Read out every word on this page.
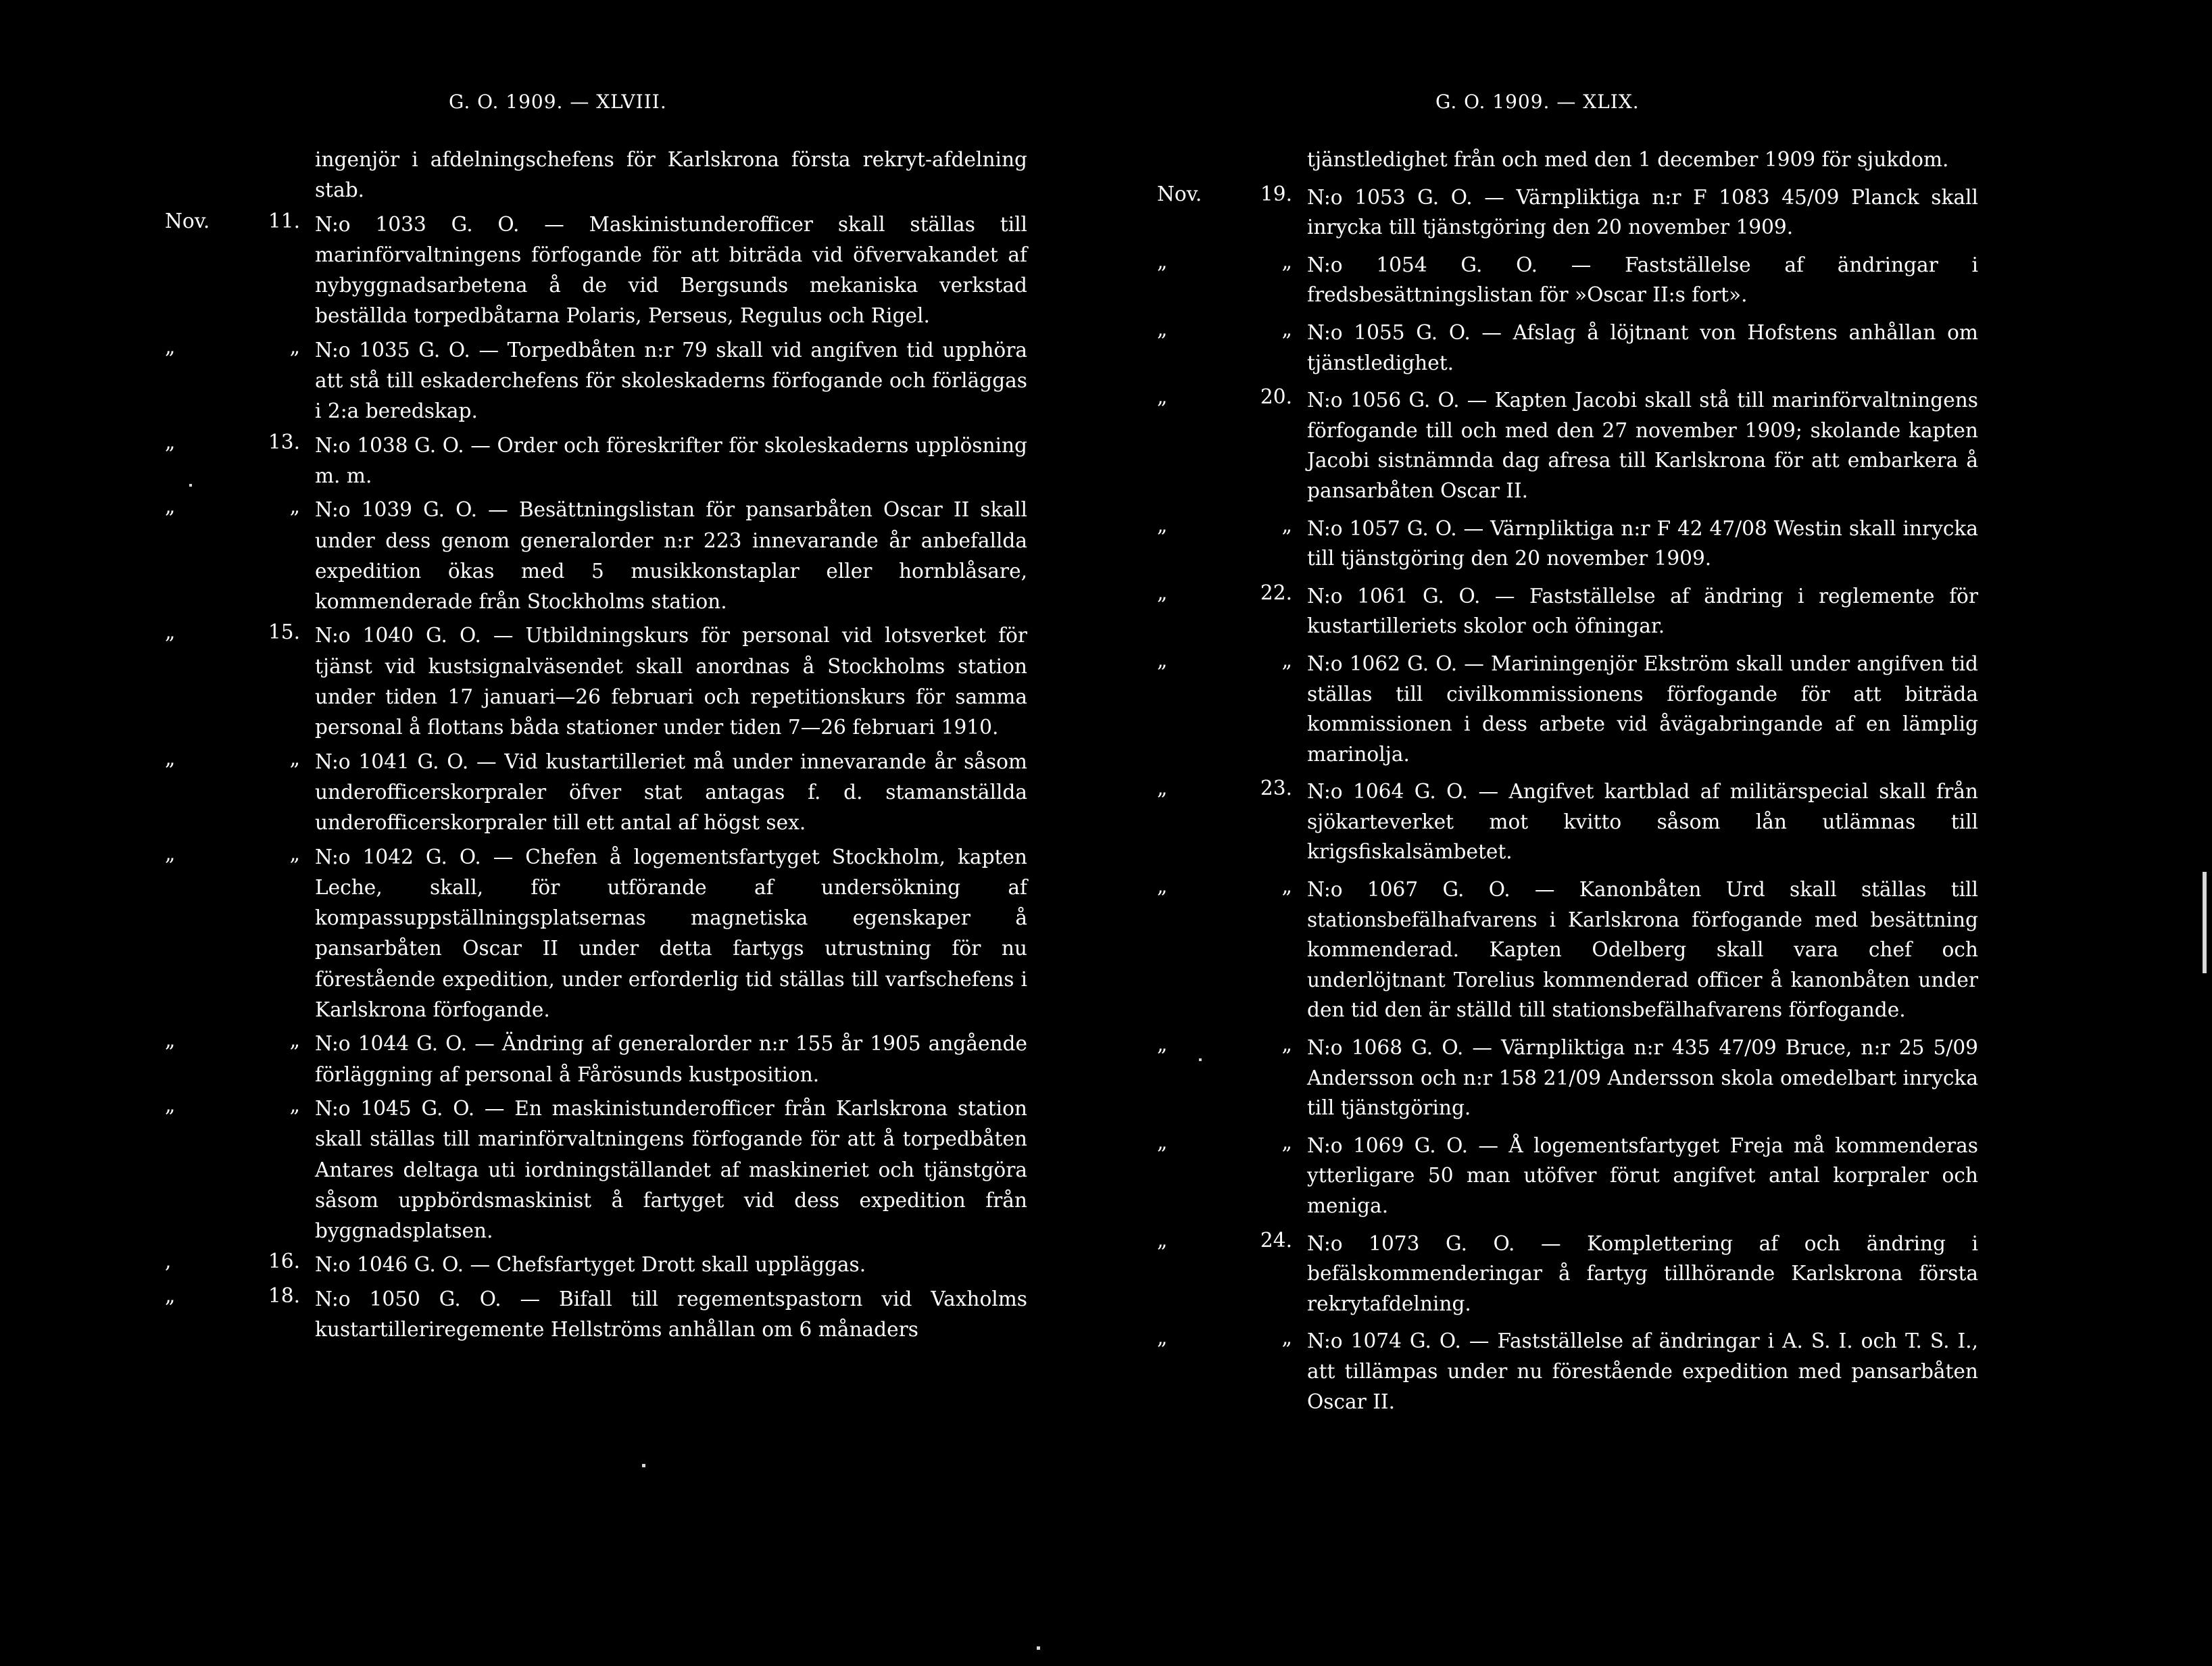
G. O. 1909. — XLVIII.	G. O. 1909. — XLIX.
ingenjör i afdelningschefens för Karlskrona första rekryt-afdelning stab.
Nov.	11. N:o 1033 G. O. — Maskinistunderofficer skall ställas till marinförvaltningens förfogande för att biträda vid öfvervakandet af nybyggnadsarbetena å de vid Bergsunds mekaniska verkstad beställda torpedbåtarna Polaris, Perseus, Regulus och Rigel.
„	„ N:o 1035 G. O. — Torpedbåten n:r 79 skall vid angifven tid upphöra att stå till eskaderchefens för skoleskaderns förfogande och förläggas i 2:a beredskap.
„	13. N:o 1038 G. O. — Order och föreskrifter för skoleskaderns upplösning m. m.
„	„ N:o 1039 G. O. — Besättningslistan för pansarbåten Oscar II skall under dess genom generalorder n:r 223 innevarande år anbefallda expedition ökas med 5 musikkonstaplar eller hornblåsare, kommenderade från Stockholms station.
„	15. N:o 1040 G. O. — Utbildningskurs för personal vid lotsverket för tjänst vid kustsignalväsendet skall anordnas å Stockholms station under tiden 17 januari—26 februari och repetitionskurs för samma personal å flottans båda stationer under tiden 7—26 februari 1910.
„	„ N:o 1041 G. O. — Vid kustartilleriet må under innevarande år såsom underofficerskorpraler öfver stat antagas f. d. stamanställda underofficerskorpraler till ett antal af högst sex.
„	„ N:o 1042 G. O. — Chefen å logementsfartyget Stockholm, kapten Leche, skall, för utförande af undersökning af kompassuppställningsplatsernas magnetiska egenskaper å pansarbåten Oscar II under detta fartygs utrustning för nu förestående expedition, under erforderlig tid ställas till varfschefens i Karlskrona förfogande.
„	„ N:o 1044 G. O. — Ändring af generalorder n:r 155 år 1905 angående förläggning af personal å Fårösunds kustposition.
„	„ N:o 1045 G. O. — En maskinistunderofficer från Karlskrona station skall ställas till marinförvaltningens förfogande för att å torpedbåten Antares deltaga uti iordningställandet af maskineriet och tjänstgöra såsom uppbördsmaskinist å fartyget vid dess expedition från byggnadsplatsen.
,	16. N:o 1046 G. O. — Chefsfartyget Drott skall uppläggas.
„	18. N:o 1050 G. O. — Bifall till regementspastorn vid Vaxholms kustartilleriregemente Hellströms anhållan om 6 månaders
tjänstledighet från och med den 1 december 1909 för sjukdom.
Nov.	19. N:o 1053 G. O. — Värnpliktiga n:r F 1083 45/09 Planck skall inrycka till tjänstgöring den 20 november 1909.
„	„ N:o 1054 G. O. — Fastställelse af ändringar i fredsbesättningslistan för »Oscar II:s fort».
„	„ N:o 1055 G. O. — Afslag å löjtnant von Hofstens anhållan om tjänstledighet.
„	20. N:o 1056 G. O. — Kapten Jacobi skall stå till marinförvaltningens förfogande till och med den 27 november 1909; skolande kapten Jacobi sistnämnda dag afresa till Karlskrona för att embarkera å pansarbåten Oscar II.
„	„ N:o 1057 G. O. — Värnpliktiga n:r F 42 47/08 Westin skall inrycka till tjänstgöring den 20 november 1909.
„	22. N:o 1061 G. O. — Fastställelse af ändring i reglemente för kustartilleriets skolor och öfningar.
„	„ N:o 1062 G. O. — Mariningenjör Ekström skall under angifven tid ställas till civilkommissionens förfogande för att biträda kommissionen i dess arbete vid åvägabringande af en lämplig marinolja.
„	23. N:o 1064 G. O. — Angifvet kartblad af militärspecial skall från sjökarteverket mot kvitto såsom lån utlämnas till krigsfiskalsämbetet.
„	„ N:o 1067 G. O. — Kanonbåten Urd skall ställas till stationsbefälhafvarens i Karlskrona förfogande med besättning kommenderad. Kapten Odelberg skall vara chef och underlöjtnant Torelius kommenderad officer å kanonbåten under den tid den är ställd till stationsbefälhafvarens förfogande.
„	„ N:o 1068 G. O. — Värnpliktiga n:r 435 47/09 Bruce, n:r 25 5/09 Andersson och n:r 158 21/09 Andersson skola omedelbart inrycka till tjänstgöring.
„	„ N:o 1069 G. O. — Å logementsfartyget Freja må kommenderas ytterligare 50 man utöfver förut angifvet antal korpraler och meniga.
„	24. N:o 1073 G. O. — Komplettering af och ändring i befälskommenderingar å fartyg tillhörande Karlskrona första rekrytafdelning.
„	„ N:o 1074 G. O. — Fastställelse af ändringar i A. S. I. och T. S. I., att tillämpas under nu förestående expedition med pansarbåten Oscar II.
